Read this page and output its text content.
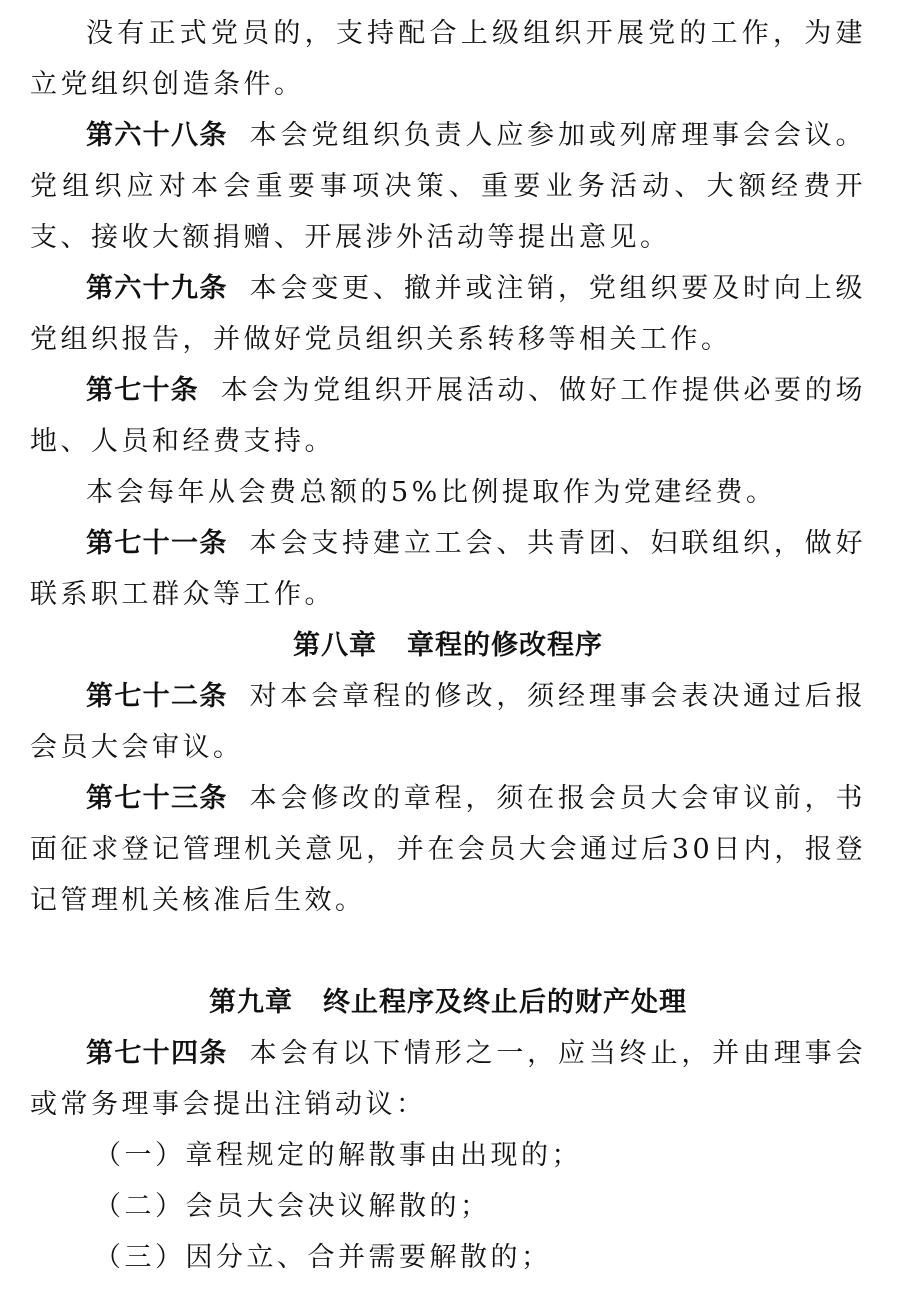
没有正式党员的，支持配合上级组织开展党的工作，为建立党组织创造条件。

第六十八条 本会党组织负责人应参加或列席理事会会议。党组织应对本会重要事项决策、重要业务活动、大额经费开支、接收大额捐赠、开展涉外活动等提出意见。

第六十九条 本会变更、撤并或注销，党组织要及时向上级党组织报告，并做好党员组织关系转移等相关工作。

第七十条 本会为党组织开展活动、做好工作提供必要的场地、人员和经费支持。

本会每年从会费总额的5%比例提取作为党建经费。

第七十一条 本会支持建立工会、共青团、妇联组织，做好联系职工群众等工作。

第八章 章程的修改程序

第七十二条 对本会章程的修改，须经理事会表决通过后报会员大会审议。

第七十三条 本会修改的章程，须在报会员大会审议前，书面征求登记管理机关意见，并在会员大会通过后30日内，报登记管理机关核准后生效。

第九章 终止程序及终止后的财产处理

第七十四条 本会有以下情形之一，应当终止，并由理事会或常务理事会提出注销动议：

（一）章程规定的解散事由出现的；

（二）会员大会决议解散的；

（三）因分立、合并需要解散的；
